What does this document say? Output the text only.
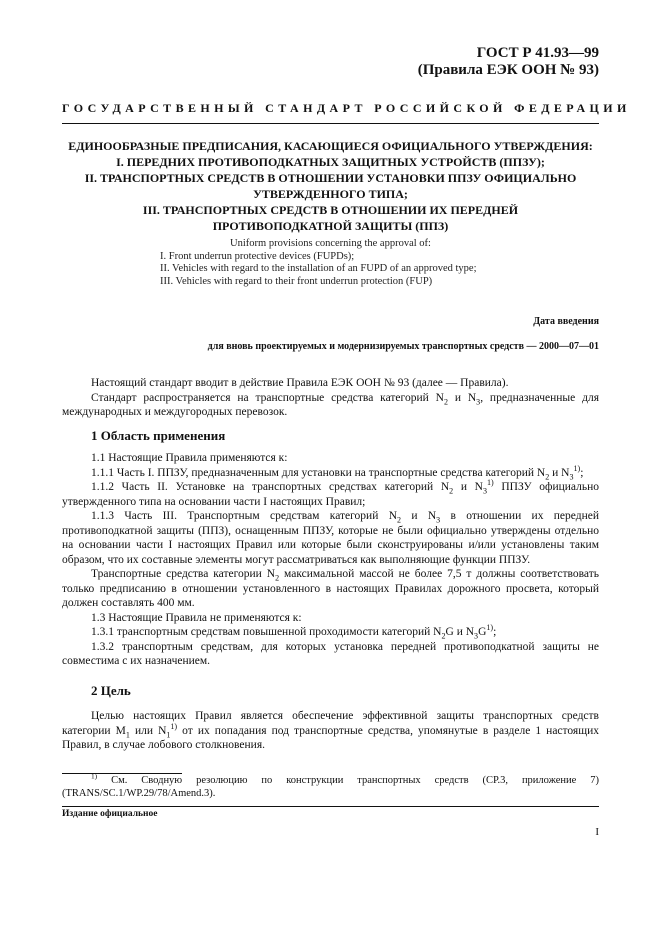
ГОСТ Р 41.93—99
(Правила ЕЭК ООН № 93)
ГОСУДАРСТВЕННЫЙ СТАНДАРТ РОССИЙСКОЙ ФЕДЕРАЦИИ
ЕДИНООБРАЗНЫЕ ПРЕДПИСАНИЯ, КАСАЮЩИЕСЯ ОФИЦИАЛЬНОГО УТВЕРЖДЕНИЯ:
I. ПЕРЕДНИХ ПРОТИВОПОДКАТНЫХ ЗАЩИТНЫХ УСТРОЙСТВ (ППЗУ);
II. ТРАНСПОРТНЫХ СРЕДСТВ В ОТНОШЕНИИ УСТАНОВКИ ППЗУ ОФИЦИАЛЬНО
УТВЕРЖДЕННОГО ТИПА;
III. ТРАНСПОРТНЫХ СРЕДСТВ В ОТНОШЕНИИ ИХ ПЕРЕДНЕЙ
ПРОТИВОПОДКАТНОЙ ЗАЩИТЫ (ППЗ)
Uniform provisions concerning the approval of:
I. Front underrun protective devices (FUPDs);
II. Vehicles with regard to the installation of an FUPD of an approved type;
III. Vehicles with regard to their front underrun protection (FUP)
Дата введения
для вновь проектируемых и модернизируемых транспортных средств — 2000—07—01

Настоящий стандарт вводит в действие Правила ЕЭК ООН № 93 (далее — Правила).

Стандарт распространяется на транспортные средства категорий $N_2$ и $N_3$, предназначенные для международных и междугородных перевозок.

1 Область применения

1.1 Настоящие Правила применяются к:

1.1.1 Часть I. ППЗУ, предназначенным для установки на транспортные средства категорий $N_2$ и $N_3^{1)}$;

1.1.2 Часть II. Установке на транспортных средствах категорий $N_2$ и $N_3^{1)}$ ППЗУ официально утвержденного типа на основании части I настоящих Правил;

1.1.3 Часть III. Транспортным средствам категорий $N_2$ и $N_3$ в отношении их передней противоподкатной защиты (ППЗ), оснащенным ППЗУ, которые не были официально утверждены отдельно на основании части I настоящих Правил или которые были сконструированы и/или установлены таким образом, что их составные элементы могут рассматриваться как выполняющие функции ППЗУ.

Транспортные средства категории $N_2$ максимальной массой не более 7,5 т должны соответствовать только предписанию в отношении установленного в настоящих Правилах дорожного просвета, который должен составлять 400 мм.

1.3 Настоящие Правила не применяются к:

1.3.1 транспортным средствам повышенной проходимости категорий $N_2G$ и $N_3G^{1)}$;

1.3.2 транспортным средствам, для которых установка передней противоподкатной защиты не совместима с их назначением.

2 Цель

Целью настоящих Правил является обеспечение эффективной защиты транспортных средств категории $M_1$ или $N_1^{1)}$ от их попадания под транспортные средства, упомянутые в разделе 1 настоящих Правил, в случае лобового столкновения.

$^{1)}$ См. Сводную резолюцию по конструкции транспортных средств (СР.3, приложение 7) (TRANS/SC.1/WP.29/78/Amend.3).

Издание официальное
I
